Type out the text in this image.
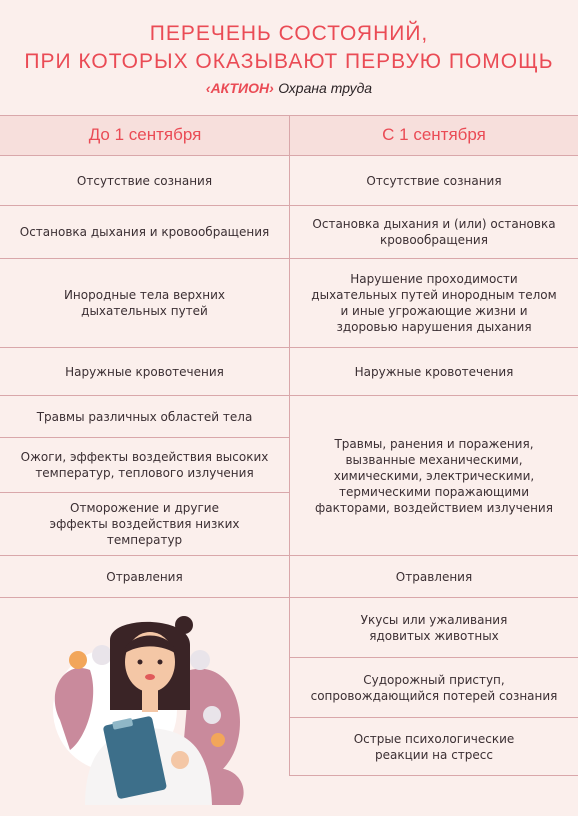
ПЕРЕЧЕНЬ СОСТОЯНИЙ,
ПРИ КОТОРЫХ ОКАЗЫВАЮТ ПЕРВУЮ ПОМОЩЬ
‹АКТИОН› Охрана труда
До 1 сентября	С 1 сентября
Отсутствие сознания
Остановка дыхания и кровообращения
Инородные тела верхних дыхательных путей
Наружные кровотечения
Травмы различных областей тела
Ожоги, эффекты воздействия высоких температур, теплового излучения
Отморожение и другие эффекты воздействия низких температур
Отравления
Отсутствие сознания
Остановка дыхания и (или) остановка кровообращения
Нарушение проходимости дыхательных путей инородным телом и иные угрожающие жизни и здоровью нарушения дыхания
Наружные кровотечения
Травмы, ранения и поражения, вызванные механическими, химическими, электрическими, термическими поражающими факторами, воздействием излучения
Отравления
Укусы или ужаливания ядовитых животных
Судорожный приступ, сопровождающийся потерей сознания
Острые психологические реакции на стресс
